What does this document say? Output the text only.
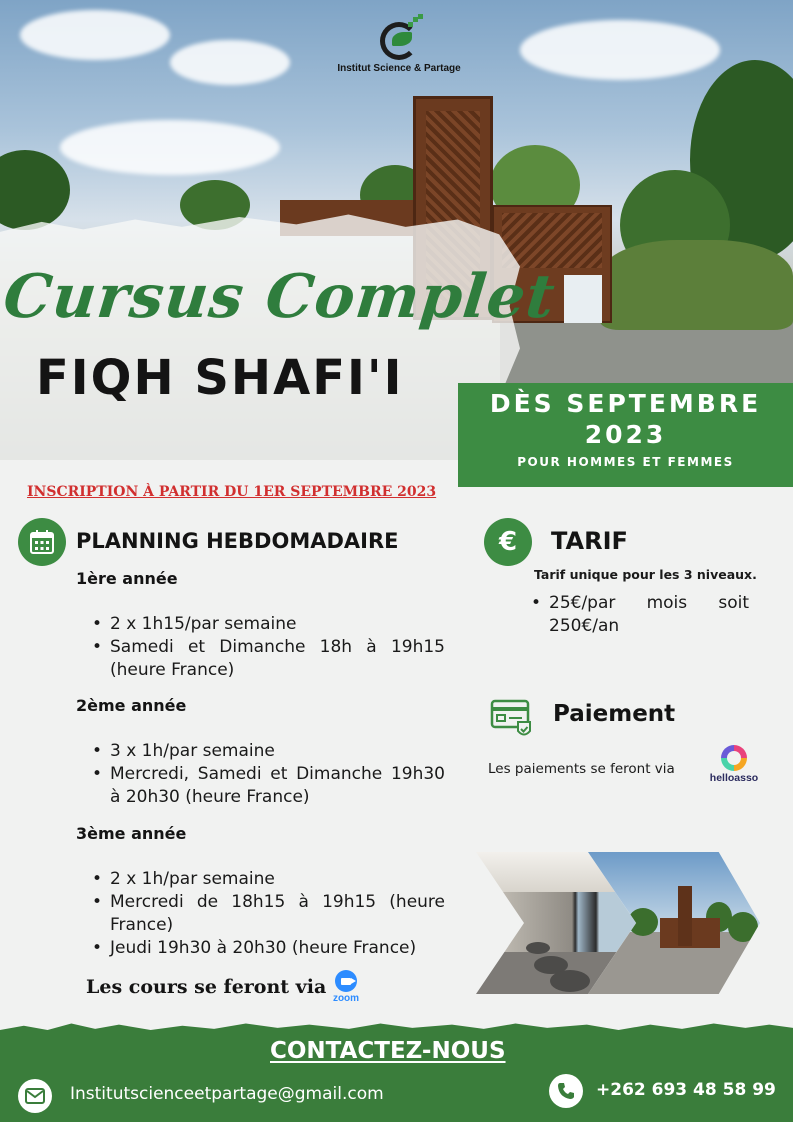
Institut Science & Partage
Cursus Complet
FIQH SHAFI'I	DÈS SEPTEMBRE
2023
POUR HOMMES ET FEMMES
INSCRIPTION À PARTIR DU 1ER SEPTEMBRE 2023
PLANNING HEBDOMADAIRE
1ère année
• 2 x 1h15/par semaine
• Samedi et Dimanche 18h à 19h15 (heure France)
2ème année
• 3 x 1h/par semaine
• Mercredi, Samedi et Dimanche 19h30 à 20h30 (heure France)
3ème année
• 2 x 1h/par semaine
• Mercredi de 18h15 à 19h15 (heure France)
• Jeudi 19h30 à 20h30 (heure France)
Les cours se feront via
zoom
€ TARIF
Tarif unique pour les 3 niveaux.
• 25€/par mois soit 250€/an
Paiement
Les paiements se feront via
helloasso
CONTACTEZ-NOUS
Institutscienceetpartage@gmail.com	+262 693 48 58 99
